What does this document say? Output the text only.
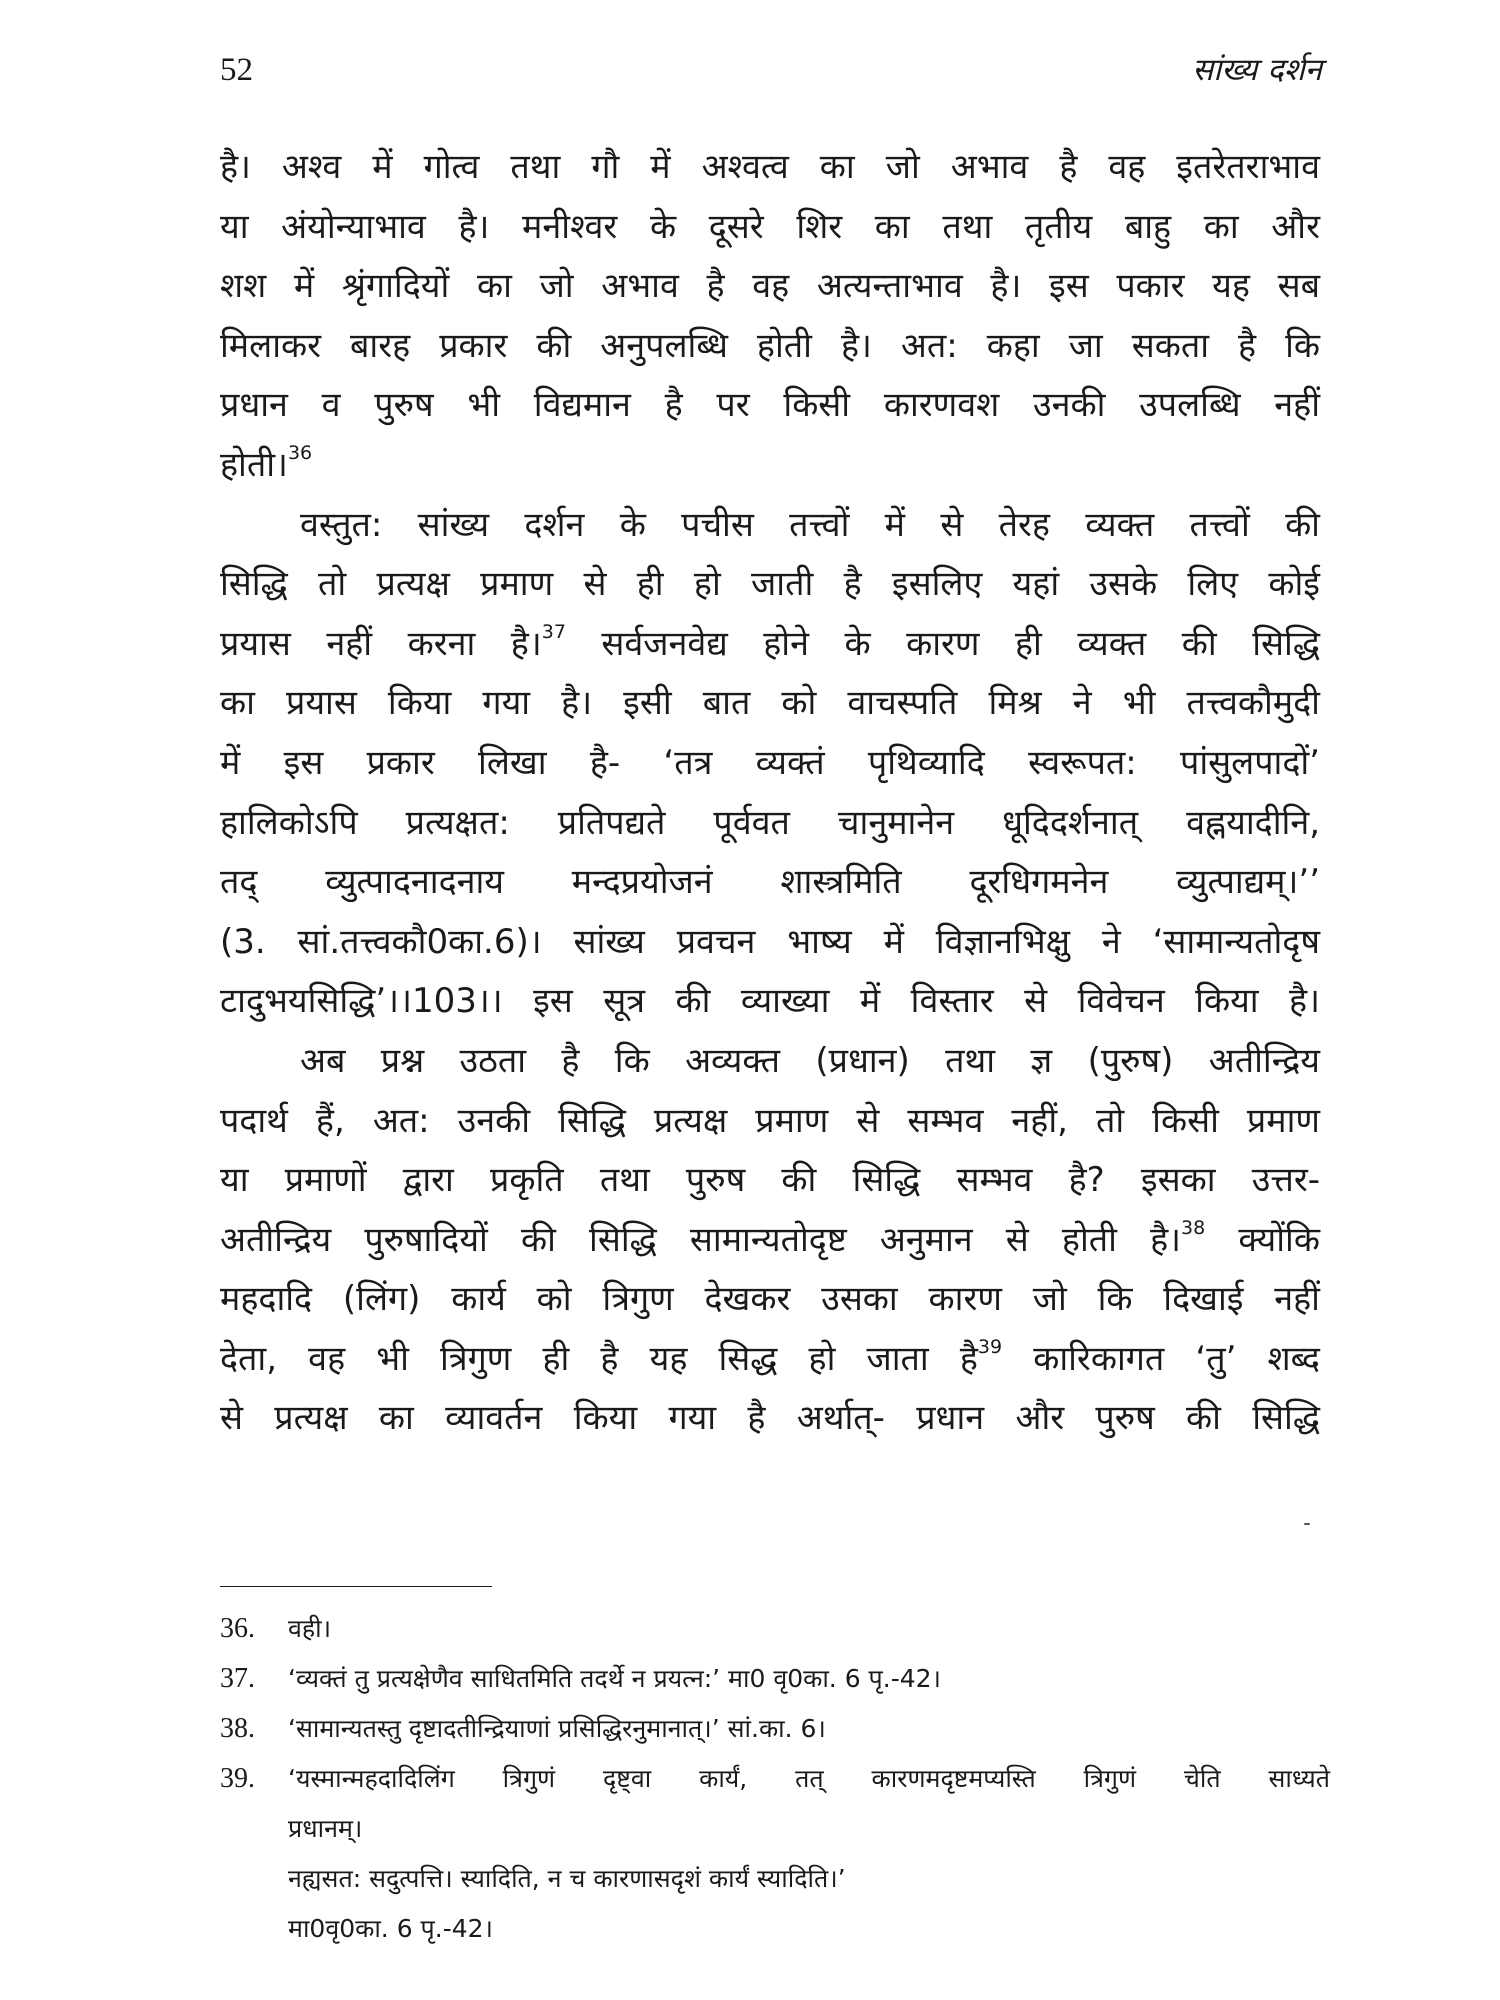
52	सांख्य दर्शन
है। अश्व में गोत्व तथा गौ में अश्वत्व का जो अभाव है वह इतरेतराभाव
या अंयोन्याभाव है। मनीश्वर के दूसरे शिर का तथा तृतीय बाहु का और
शश में श्रृंगादियों का जो अभाव है वह अत्यन्ताभाव है। इस पकार यह सब
मिलाकर बारह प्रकार की अनुपलब्धि होती है। अत: कहा जा सकता है कि
प्रधान व पुरुष भी विद्यमान है पर किसी कारणवश उनकी उपलब्धि नहीं
होती।$^{36}$
वस्तुत: सांख्य दर्शन के पचीस तत्त्वों में से तेरह व्यक्त तत्त्वों की
सिद्धि तो प्रत्यक्ष प्रमाण से ही हो जाती है इसलिए यहां उसके लिए कोई
प्रयास नहीं करना है।$^{37}$ सर्वजनवेद्य होने के कारण ही व्यक्त की सिद्धि
का प्रयास किया गया है। इसी बात को वाचस्पति मिश्र ने भी तत्त्वकौमुदी
में इस प्रकार लिखा है- ‘तत्र व्यक्तं पृथिव्यादि स्वरूपत: पांसुलपादों’
हालिकोऽपि प्रत्यक्षत: प्रतिपद्यते पूर्ववत चानुमानेन धूदिदर्शनात् वह्नयादीनि,
तद् व्युत्पादनादनाय मन्दप्रयोजनं शास्त्रमिति दूरधिगमनेन व्युत्पाद्यम्।’’
(3. सां.तत्त्वकौ0का.6)। सांख्य प्रवचन भाष्य में विज्ञानभिक्षु ने ‘सामान्यतोदृष
टादुभयसिद्धि’।।103।। इस सूत्र की व्याख्या में विस्तार से विवेचन किया है।
अब प्रश्न उठता है कि अव्यक्त (प्रधान) तथा ज्ञ (पुरुष) अतीन्द्रिय
पदार्थ हैं, अत: उनकी सिद्धि प्रत्यक्ष प्रमाण से सम्भव नहीं, तो किसी प्रमाण
या प्रमाणों द्वारा प्रकृति तथा पुरुष की सिद्धि सम्भव है? इसका उत्तर-
अतीन्द्रिय पुरुषादियों की सिद्धि सामान्यतोदृष्ट अनुमान से होती है।$^{38}$ क्योंकि
महदादि (लिंग) कार्य को त्रिगुण देखकर उसका कारण जो कि दिखाई नहीं
देता, वह भी त्रिगुण ही है यह सिद्ध हो जाता है$^{39}$ कारिकागत ‘तु’ शब्द
से प्रत्यक्ष का व्यावर्तन किया गया है अर्थात्- प्रधान और पुरुष की सिद्धि
36.	वही।
37.	‘व्यक्तं तु प्रत्यक्षेणैव साधितमिति तदर्थे न प्रयत्न:’ मा0 वृ0का. 6 पृ.-42।
38.	‘सामान्यतस्तु दृष्टादतीन्द्रियाणां प्रसिद्धिरनुमानात्।’ सां.का. 6।
39.	‘यस्मान्महदादिलिंग त्रिगुणं दृष्ट्वा कार्यं, तत् कारणमदृष्टमप्यस्ति त्रिगुणं चेति साध्यते
प्रधानम्।
नह्यसत: सदुत्पत्ति। स्यादिति, न च कारणासदृशं कार्यं स्यादिति।’
मा0वृ0का. 6 पृ.-42।
